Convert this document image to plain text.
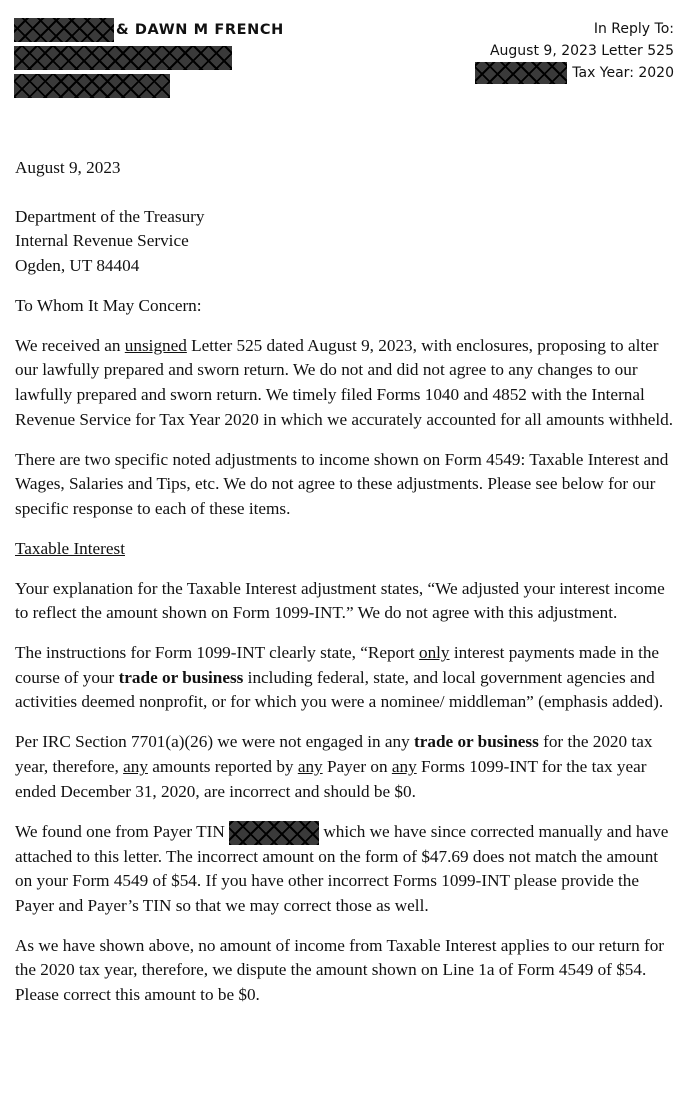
& DAWN M FRENCH	In Reply To:
August 9, 2023 Letter 525
Tax Year: 2020

August 9, 2023

Department of the Treasury
Internal Revenue Service
Ogden, UT 84404

To Whom It May Concern:

We received an unsigned Letter 525 dated August 9, 2023, with enclosures, proposing to alter our lawfully prepared and sworn return. We do not and did not agree to any changes to our lawfully prepared and sworn return. We timely filed Forms 1040 and 4852 with the Internal Revenue Service for Tax Year 2020 in which we accurately accounted for all amounts withheld.

There are two specific noted adjustments to income shown on Form 4549: Taxable Interest and Wages, Salaries and Tips, etc. We do not agree to these adjustments. Please see below for our specific response to each of these items.

Taxable Interest

Your explanation for the Taxable Interest adjustment states, “We adjusted your interest income to reflect the amount shown on Form 1099-INT.” We do not agree with this adjustment.

The instructions for Form 1099-INT clearly state, “Report only interest payments made in the course of your trade or business including federal, state, and local government agencies and activities deemed nonprofit, or for which you were a nominee/ middleman” (emphasis added).

Per IRC Section 7701(a)(26) we were not engaged in any trade or business for the 2020 tax year, therefore, any amounts reported by any Payer on any Forms 1099-INT for the tax year ended December 31, 2020, are incorrect and should be $0.

We found one from Payer TIN	which we have since corrected manually and have attached to this letter. The incorrect amount on the form of $47.69 does not match the amount on your Form 4549 of $54. If you have other incorrect Forms 1099-INT please provide the Payer and Payer’s TIN so that we may correct those as well.

As we have shown above, no amount of income from Taxable Interest applies to our return for the 2020 tax year, therefore, we dispute the amount shown on Line 1a of Form 4549 of $54. Please correct this amount to be $0.
